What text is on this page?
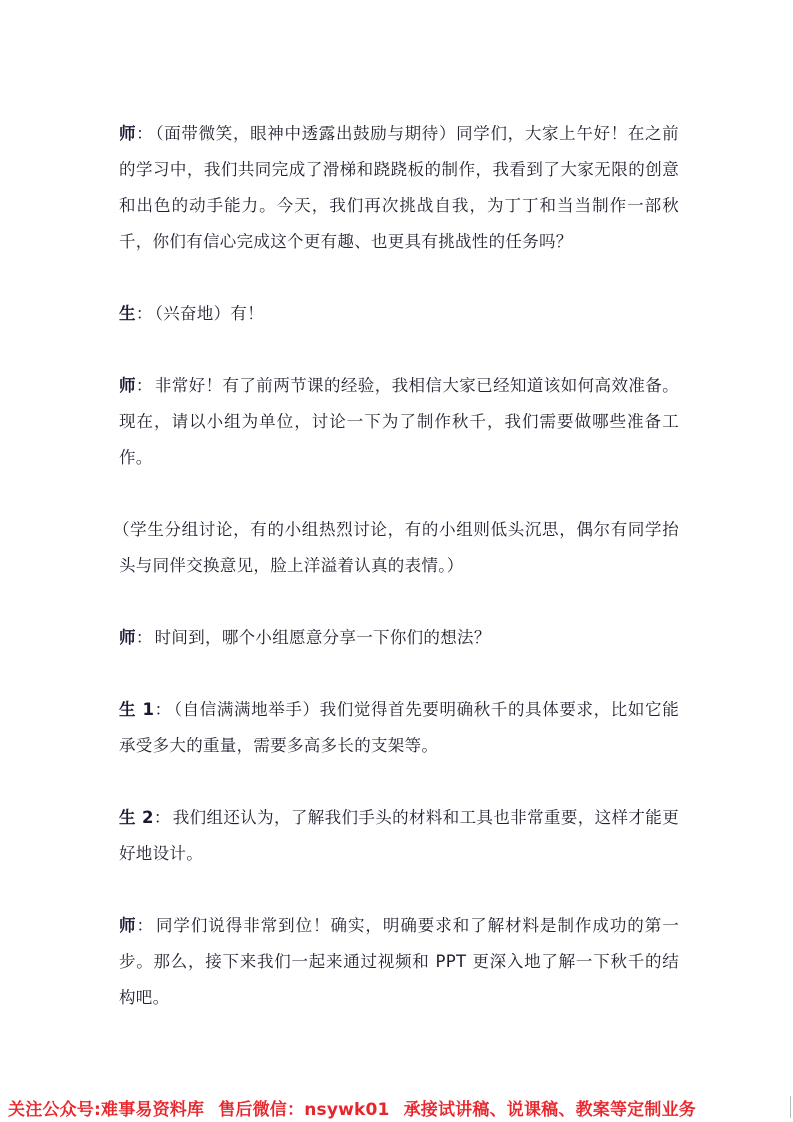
师： （面带微笑，眼神中透露出鼓励与期待）同学们，大家上午好！在之前的学习中，我们共同完成了滑梯和跷跷板的制作，我看到了大家无限的创意和出色的动手能力。今天，我们再次挑战自我，为丁丁和当当制作一部秋千，你们有信心完成这个更有趣、也更具有挑战性的任务吗？

生： （兴奋地）有！

师： 非常好！有了前两节课的经验，我相信大家已经知道该如何高效准备。现在，请以小组为单位，讨论一下为了制作秋千，我们需要做哪些准备工作。

（学生分组讨论，有的小组热烈讨论，有的小组则低头沉思，偶尔有同学抬头与同伴交换意见，脸上洋溢着认真的表情。）

师： 时间到，哪个小组愿意分享一下你们的想法？

生 1： （自信满满地举手）我们觉得首先要明确秋千的具体要求，比如它能承受多大的重量，需要多高多长的支架等。

生 2： 我们组还认为，了解我们手头的材料和工具也非常重要，这样才能更好地设计。

师： 同学们说得非常到位！确实，明确要求和了解材料是制作成功的第一步。那么，接下来我们一起来通过视频和 PPT 更深入地了解一下秋千的结构吧。

关注公众号:难事易资料库 售后微信：nsywk01 承接试讲稿、说课稿、教案等定制业务
